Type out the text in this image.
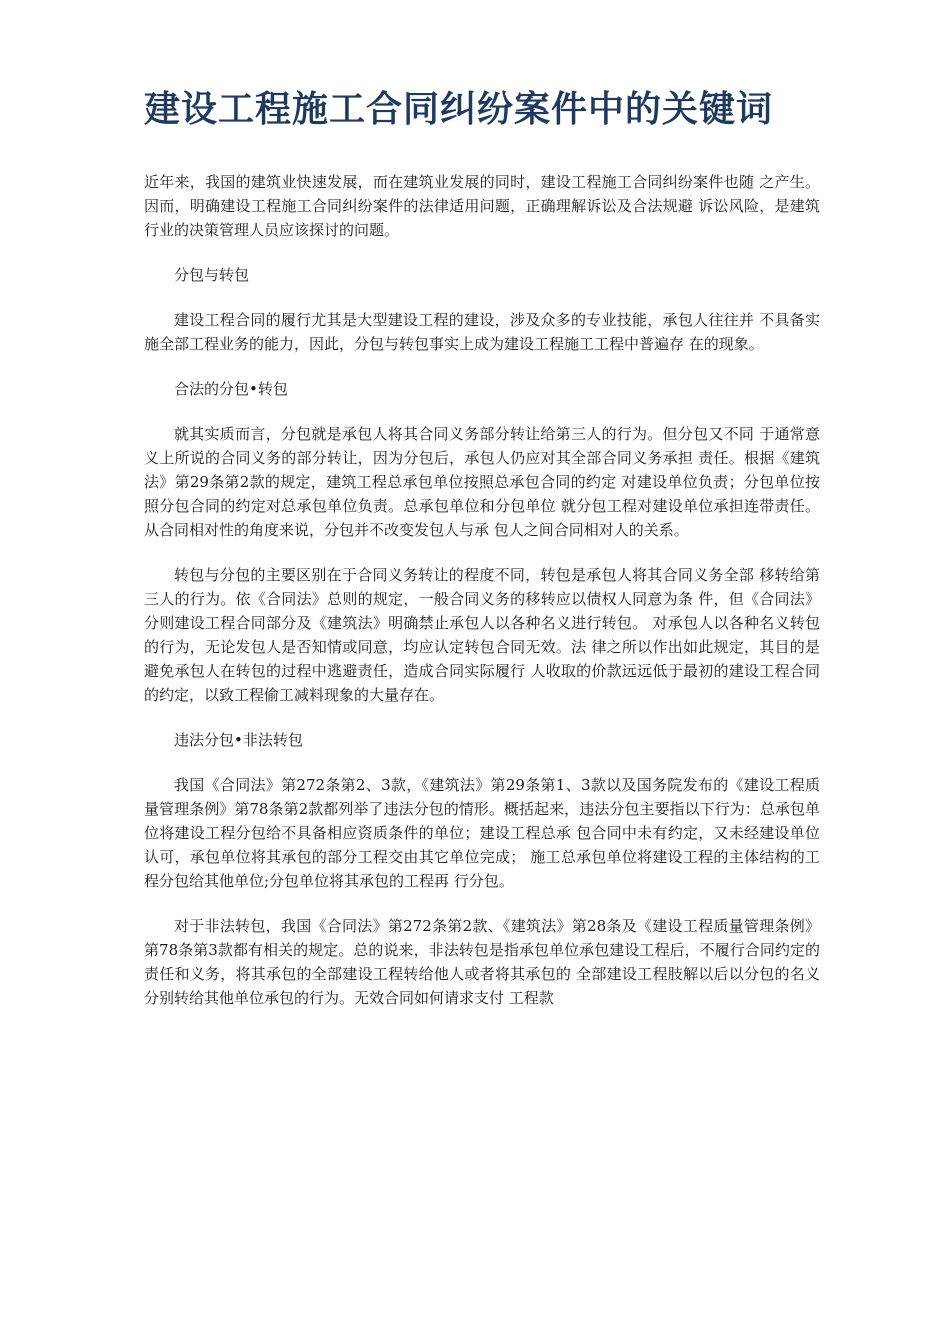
建设工程施工合同纠纷案件中的关键词

近年来，我国的建筑业快速发展，而在建筑业发展的同时，建设工程施工合同纠纷案件也随 之产生。因而，明确建设工程施工合同纠纷案件的法律适用问题，正确理解诉讼及合法规避 诉讼风险，是建筑行业的决策管理人员应该探讨的问题。

分包与转包

建设工程合同的履行尤其是大型建设工程的建设，涉及众多的专业技能，承包人往往并 不具备实施全部工程业务的能力，因此，分包与转包事实上成为建设工程施工工程中普遍存 在的现象。

合法的分包•转包

就其实质而言，分包就是承包人将其合同义务部分转让给第三人的行为。但分包又不同 于通常意义上所说的合同义务的部分转让，因为分包后，承包人仍应对其全部合同义务承担 责任。根据《建筑法》第29条第2款的规定，建筑工程总承包单位按照总承包合同的约定 对建设单位负责；分包单位按照分包合同的约定对总承包单位负责。总承包单位和分包单位 就分包工程对建设单位承担连带责任。从合同相对性的角度来说，分包并不改变发包人与承 包人之间合同相对人的关系。

转包与分包的主要区别在于合同义务转让的程度不同，转包是承包人将其合同义务全部 移转给第三人的行为。依《合同法》总则的规定，一般合同义务的移转应以债权人同意为条 件，但《合同法》分则建设工程合同部分及《建筑法》明确禁止承包人以各种名义进行转包。 对承包人以各种名义转包的行为，无论发包人是否知情或同意，均应认定转包合同无效。法 律之所以作出如此规定，其目的是避免承包人在转包的过程中逃避责任，造成合同实际履行 人收取的价款远远低于最初的建设工程合同的约定，以致工程偷工减料现象的大量存在。

违法分包•非法转包

我国《合同法》第272条第2、3款，《建筑法》第29条第1、3款以及国务院发布的《建设工程质量管理条例》第78条第2款都列举了违法分包的情形。概括起来，违法分包主要指以下行为：总承包单位将建设工程分包给不具备相应资质条件的单位；建设工程总承 包合同中未有约定，又未经建设单位认可，承包单位将其承包的部分工程交由其它单位完成； 施工总承包单位将建设工程的主体结构的工程分包给其他单位;分包单位将其承包的工程再 行分包。

对于非法转包，我国《合同法》第272条第2款、《建筑法》第28条及《建设工程质量管理条例》第78条第3款都有相关的规定。总的说来，非法转包是指承包单位承包建设工程后，不履行合同约定的责任和义务，将其承包的全部建设工程转给他人或者将其承包的 全部建设工程肢解以后以分包的名义分别转给其他单位承包的行为。无效合同如何请求支付 工程款
